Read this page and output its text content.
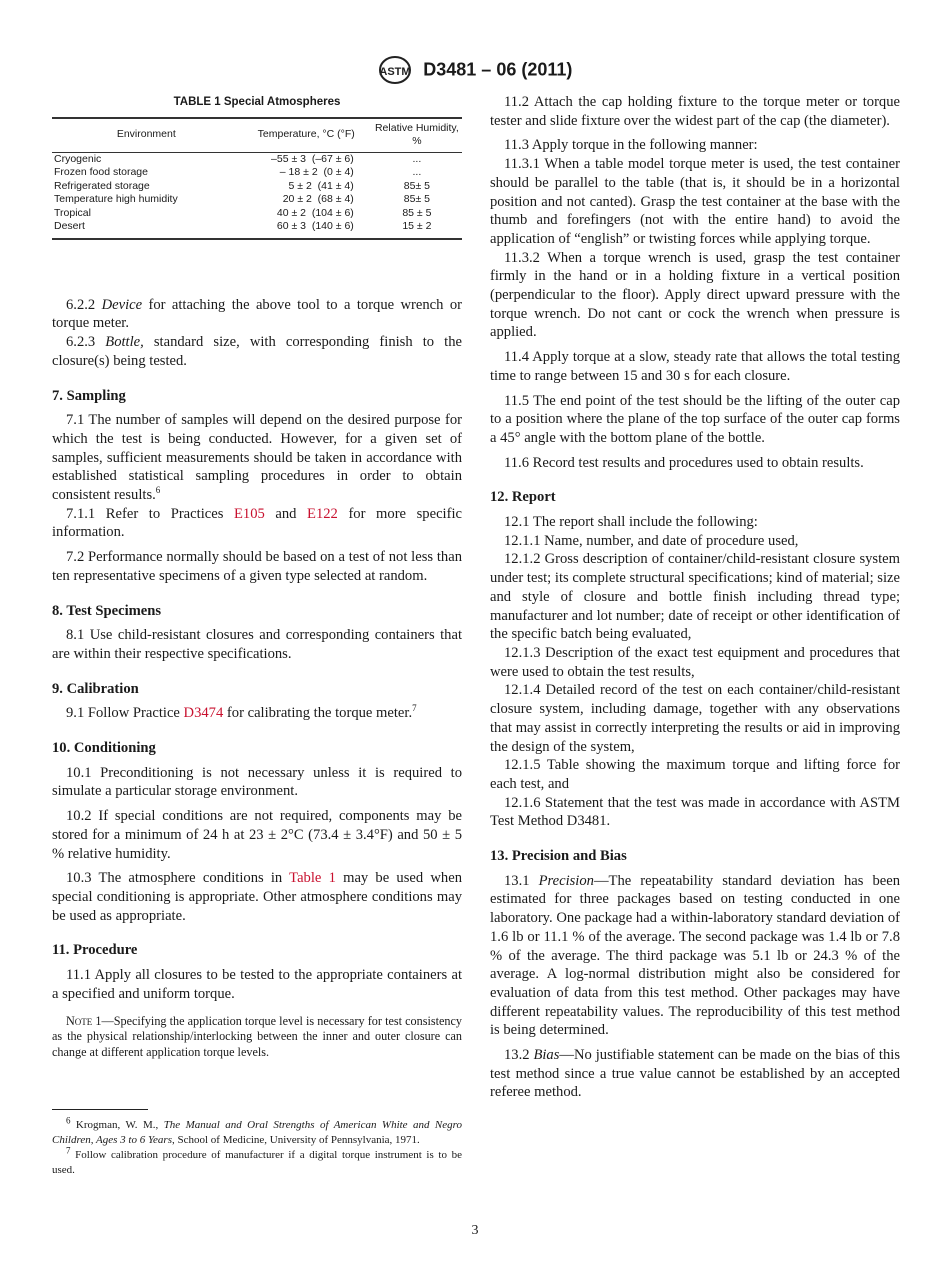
ASTM D3481 – 06 (2011)
TABLE 1 Special Atmospheres
Environment	Temperature, °C (°F)	Relative Humidity, %
Cryogenic	–55 ± 3  (–67 ± 6)	...
Frozen food storage	– 18 ± 2  (0 ± 4)	...
Refrigerated storage	5 ± 2  (41 ± 4)	85± 5
Temperature high humidity	20 ± 2  (68 ± 4)	85± 5
Tropical	40 ± 2  (104 ± 6)	85 ± 5
Desert	60 ± 3  (140 ± 6)	15 ± 2

6.2.2 Device for attaching the above tool to a torque wrench or torque meter.

6.2.3 Bottle, standard size, with corresponding finish to the closure(s) being tested.

7. Sampling

7.1 The number of samples will depend on the desired purpose for which the test is being conducted. However, for a given set of samples, sufficient measurements should be taken in accordance with established statistical sampling procedures in order to obtain consistent results.$^6$

7.1.1 Refer to Practices E105 and E122 for more specific information.

7.2 Performance normally should be based on a test of not less than ten representative specimens of a given type selected at random.

8. Test Specimens

8.1 Use child-resistant closures and corresponding containers that are within their respective specifications.

9. Calibration

9.1 Follow Practice D3474 for calibrating the torque meter.$^7$

10. Conditioning

10.1 Preconditioning is not necessary unless it is required to simulate a particular storage environment.

10.2 If special conditions are not required, components may be stored for a minimum of 24 h at 23 ± 2°C (73.4 ± 3.4°F) and 50 ± 5 % relative humidity.

10.3 The atmosphere conditions in Table 1 may be used when special conditioning is appropriate. Other atmosphere conditions may be used as appropriate.

11. Procedure

11.1 Apply all closures to be tested to the appropriate containers at a specified and uniform torque.

Note 1—Specifying the application torque level is necessary for test consistency as the physical relationship/interlocking between the inner and outer closure can change at different application torque levels.

11.2 Attach the cap holding fixture to the torque meter or torque tester and slide fixture over the widest part of the cap (the diameter).

11.3 Apply torque in the following manner:

11.3.1 When a table model torque meter is used, the test container should be parallel to the table (that is, it should be in a horizontal position and not canted). Grasp the test container at the base with the thumb and forefingers (not with the entire hand) to avoid the application of “english” or twisting forces while applying torque.

11.3.2 When a torque wrench is used, grasp the test container firmly in the hand or in a holding fixture in a vertical position (perpendicular to the floor). Apply direct upward pressure with the torque wrench. Do not cant or cock the wrench when pressure is applied.

11.4 Apply torque at a slow, steady rate that allows the total testing time to range between 15 and 30 s for each closure.

11.5 The end point of the test should be the lifting of the outer cap to a position where the plane of the top surface of the outer cap forms a 45° angle with the bottom plane of the bottle.

11.6 Record test results and procedures used to obtain results.

12. Report

12.1 The report shall include the following:

12.1.1 Name, number, and date of procedure used,

12.1.2 Gross description of container/child-resistant closure system under test; its complete structural specifications; kind of material; size and style of closure and bottle finish including thread type; manufacturer and lot number; date of receipt or other identification of the specific batch being evaluated,

12.1.3 Description of the exact test equipment and procedures that were used to obtain the test results,

12.1.4 Detailed record of the test on each container/child-resistant closure system, including damage, together with any observations that may assist in correctly interpreting the results or aid in improving the design of the system,

12.1.5 Table showing the maximum torque and lifting force for each test, and

12.1.6 Statement that the test was made in accordance with ASTM Test Method D3481.

13. Precision and Bias

13.1 Precision—The repeatability standard deviation has been estimated for three packages based on testing conducted in one laboratory. One package had a within-laboratory standard deviation of 1.6 lb or 11.1 % of the average. The second package was 1.4 lb or 7.8 % of the average. The third package was 5.1 lb or 24.3 % of the average. A log-normal distribution might also be considered for evaluation of data from this test method. Other packages may have different repeatability values. The reproducibility of this test method is being determined.

13.2 Bias—No justifiable statement can be made on the bias of this test method since a true value cannot be established by an accepted referee method.

$^6$ Krogman, W. M., The Manual and Oral Strengths of American White and Negro Children, Ages 3 to 6 Years, School of Medicine, University of Pennsylvania, 1971.

$^7$ Follow calibration procedure of manufacturer if a digital torque instrument is to be used.

3
